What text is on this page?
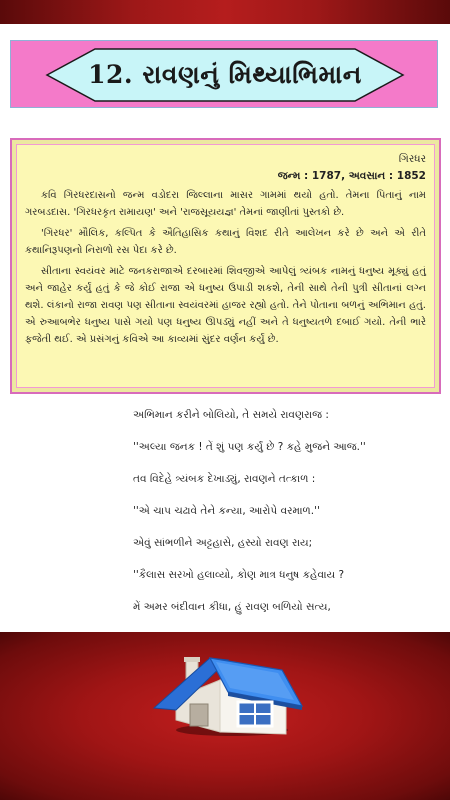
12. રાવણનું મિથ્યાભિમાન
ગિરધર
જન્મ : 1787, અવસાન : 1852

કવિ ગિરધરદાસનો જન્મ વડોદરા જિલ્લાના માસર ગામમાં થયો હતો. તેમના પિતાનું નામ ગરબડદાસ. 'ગિરધરકૃત રામાયણ' અને 'રાજસૂયયજ્ઞ' તેમનાં જાણીતાં પુસ્તકો છે.

'ગિરધર' મૌલિક, કલ્પિત કે ઐતિહાસિક કથાનું વિશદ રીતે આલેખન કરે છે અને એ રીતે કથાનિરૂપણનો નિરાળો રસ પેદા કરે છે.

સીતાના સ્વયંવર માટે જનકરાજાએ દરબારમાં શિવજીએ આપેલું ત્ર્યંબક નામનું ધનુષ્ય મૂક્યું હતું અને જાહેર કર્યું હતું કે જે કોઈ રાજા એ ધનુષ્ય ઉપાડી શકશે, તેની સાથે તેની પુત્રી સીતાનાં લગ્ન થશે. લંકાનો રાજા રાવણ પણ સીતાના સ્વયંવરમાં હાજર રહ્યો હતો. તેને પોતાના બળનું અભિમાન હતું. એ રુઆબભેર ધનુષ્ય પાસે ગયો પણ ધનુષ્ય ઊપડ્યું નહીં અને તે ધનુષ્યતળે દબાઈ ગયો. તેની ભારે ફજેતી થઈ. એ પ્રસંગનું કવિએ આ કાવ્યમાં સુંદર વર્ણન કર્યું છે.

અભિમાન કરીને બોલિયો, તે સમયે રાવણરાજ :
''અલ્યા જનક ! તેં શું પણ કર્યું છે ? કહે મુજને આજ.''
તવ વિદેહે ત્ર્યંબક દેખાડ્યું, રાવણને તત્કાળ :
''એ ચાપ ચઢાવે તેને કન્યા, આરોપે વરમાળ.''
એવું સાંભળીને અટ્ટહાસે, હસ્યો રાવણ રાય;
''કૈલાસ સરખો હલાવ્યો, કોણ માત્ર ધનુષ કહેવાય ?
મેં અમર બંદીવાન કીધા, હું રાવણ બળિયો સત્ય,
